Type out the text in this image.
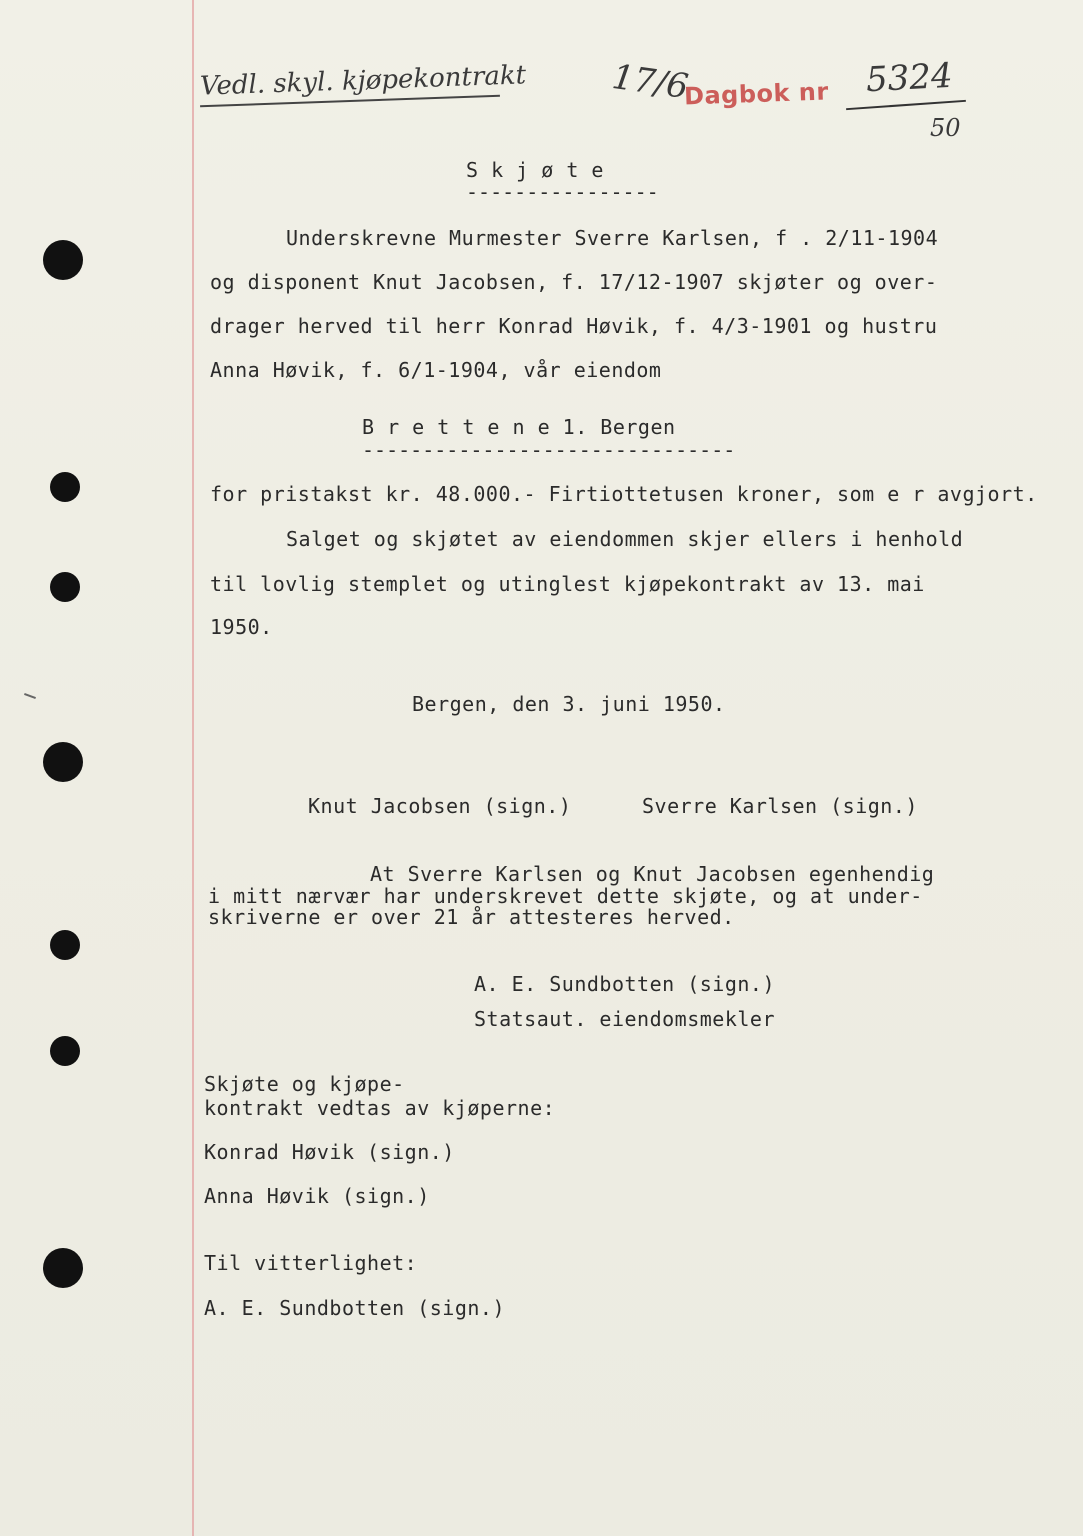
Vedl. skyl. kjøpekontrakt 17/6
Dagbok nr 5324
50
S k j ø t e
----------------
Underskrevne Murmester Sverre Karlsen, f . 2/11-1904
og disponent Knut Jacobsen, f. 17/12-1907 skjøter og over-
drager herved til herr Konrad Høvik, f. 4/3-1901 og hustru
Anna Høvik, f. 6/1-1904, vår eiendom
B r e t t e n e 1. Bergen
-------------------------------
for pristakst kr. 48.000.- Firtiottetusen kroner, som e r avgjort.
Salget og skjøtet av eiendommen skjer ellers i henhold
til lovlig stemplet og utinglest kjøpekontrakt av 13. mai
1950.
Bergen, den 3. juni 1950.
Knut Jacobsen (sign.)	Sverre Karlsen (sign.)
At Sverre Karlsen og Knut Jacobsen egenhendig
i mitt nærvær har underskrevet dette skjøte, og at under-
skriverne er over 21 år attesteres herved.
A. E. Sundbotten (sign.)
Statsaut. eiendomsmekler
Skjøte og kjøpe-
kontrakt vedtas av kjøperne:
Konrad Høvik (sign.)
Anna Høvik (sign.)
Til vitterlighet:
A. E. Sundbotten (sign.)
